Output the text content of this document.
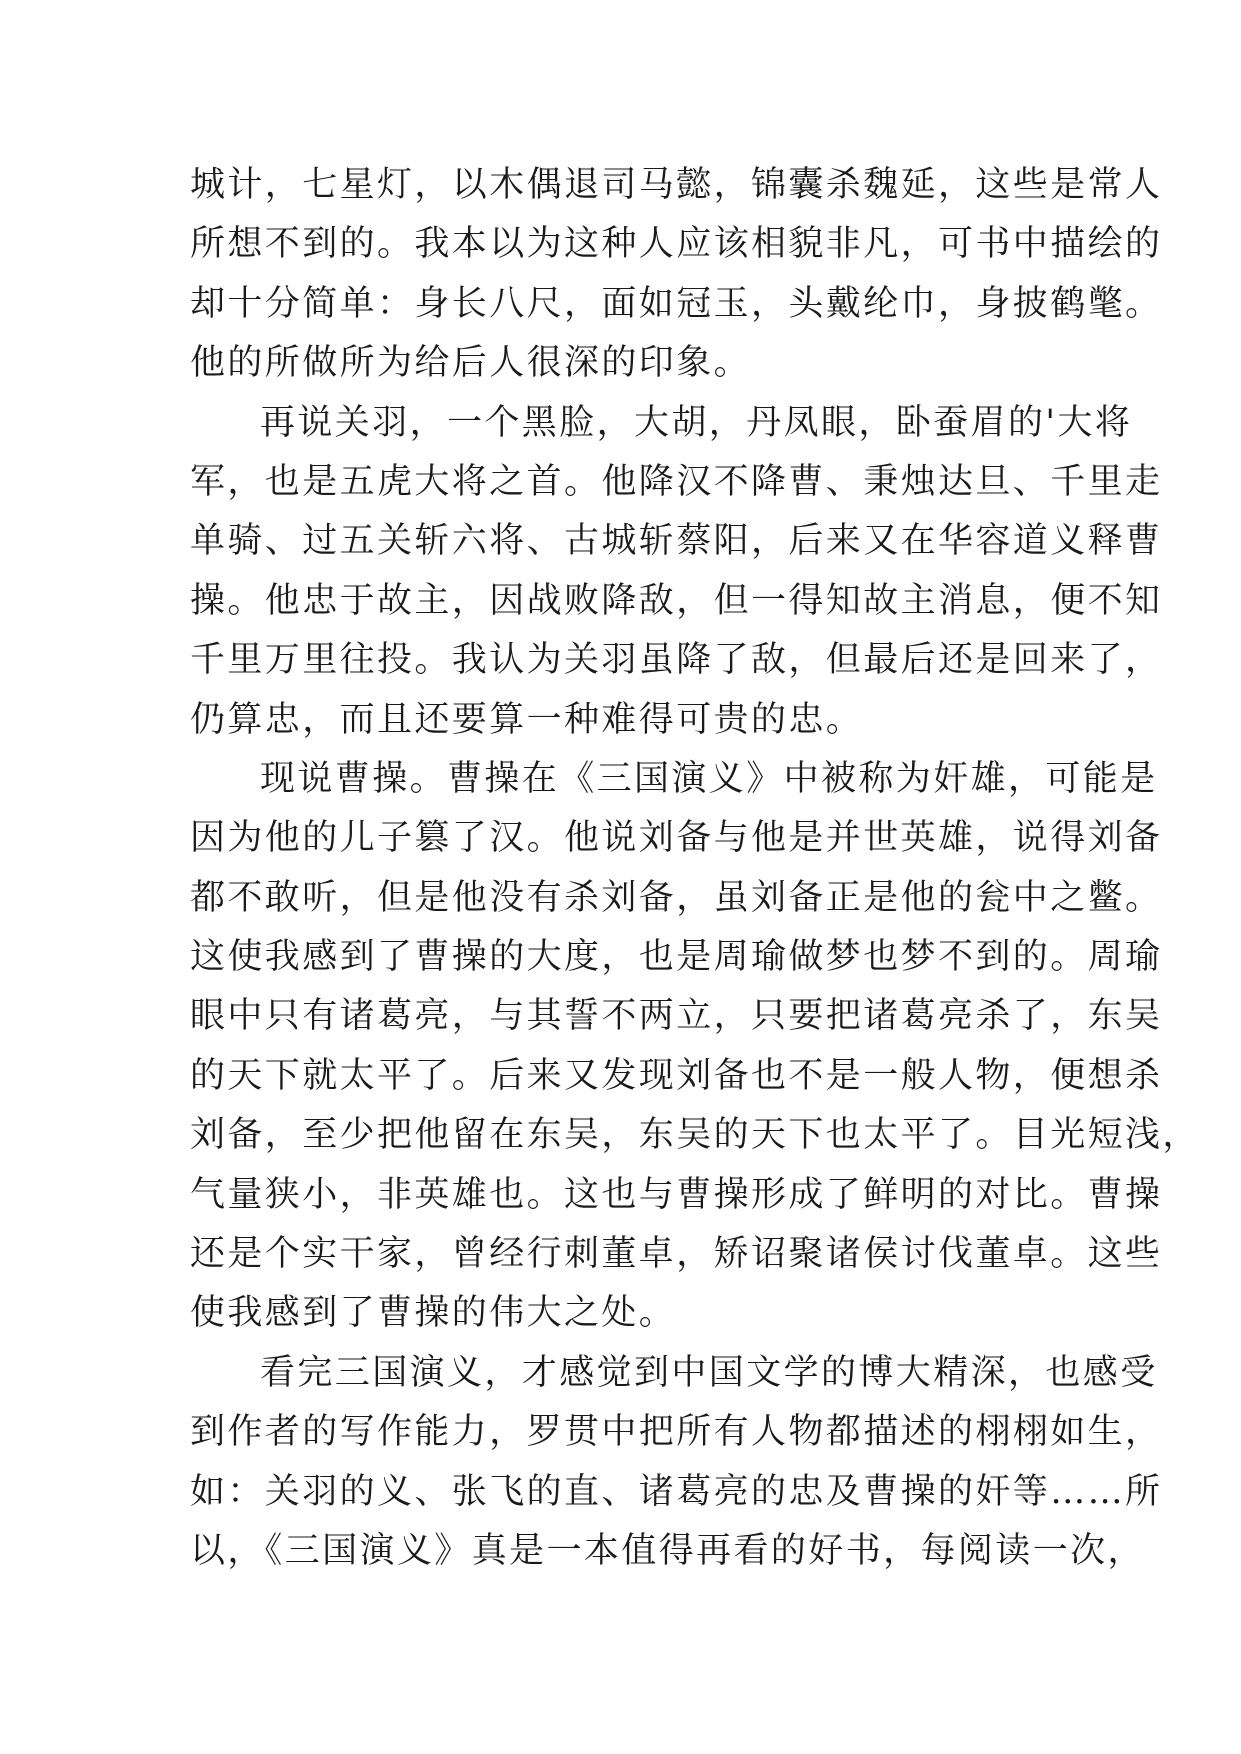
城计，七星灯，以木偶退司马懿，锦囊杀魏延，这些是常人
所想不到的。我本以为这种人应该相貌非凡，可书中描绘的
却十分简单：身长八尺，面如冠玉，头戴纶巾，身披鹤氅。
他的所做所为给后人很深的印象。
再说关羽，一个黑脸，大胡，丹凤眼，卧蚕眉的'大将
军，也是五虎大将之首。他降汉不降曹、秉烛达旦、千里走
单骑、过五关斩六将、古城斩蔡阳，后来又在华容道义释曹
操。他忠于故主，因战败降敌，但一得知故主消息，便不知
千里万里往投。我认为关羽虽降了敌，但最后还是回来了，
仍算忠，而且还要算一种难得可贵的忠。
现说曹操。曹操在《三国演义》中被称为奸雄，可能是
因为他的儿子篡了汉。他说刘备与他是并世英雄，说得刘备
都不敢听，但是他没有杀刘备，虽刘备正是他的瓮中之鳖。
这使我感到了曹操的大度，也是周瑜做梦也梦不到的。周瑜
眼中只有诸葛亮，与其誓不两立，只要把诸葛亮杀了，东吴
的天下就太平了。后来又发现刘备也不是一般人物，便想杀
刘备，至少把他留在东吴，东吴的天下也太平了。目光短浅，
气量狭小，非英雄也。这也与曹操形成了鲜明的对比。曹操
还是个实干家，曾经行刺董卓，矫诏聚诸侯讨伐董卓。这些
使我感到了曹操的伟大之处。
看完三国演义，才感觉到中国文学的博大精深，也感受
到作者的写作能力，罗贯中把所有人物都描述的栩栩如生，
如：关羽的义、张飞的直、诸葛亮的忠及曹操的奸等……所
以，《三国演义》真是一本值得再看的好书，每阅读一次，
